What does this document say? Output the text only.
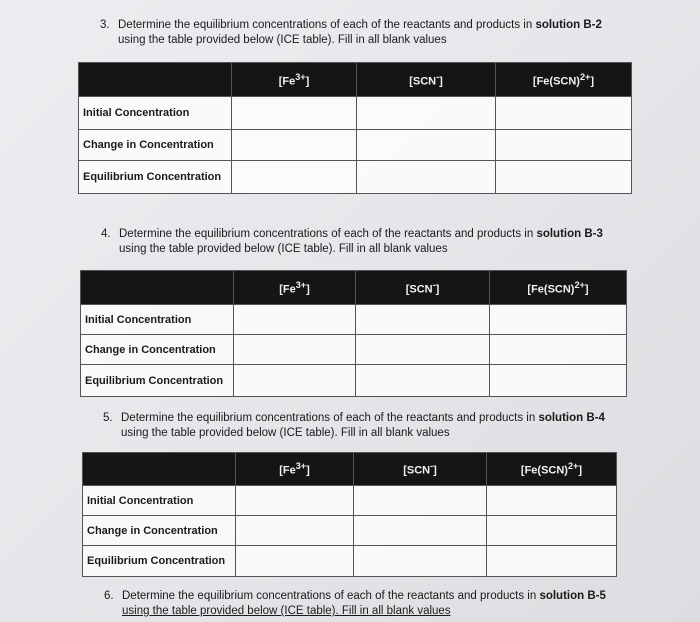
3. Determine the equilibrium concentrations of each of the reactants and products in solution B-2
using the table provided below (ICE table). Fill in all blank values
	$[Fe^{3+}]$	[SCN-]	[Fe(SCN)$^{2+}$]
Initial Concentration			
Change in Concentration			
Equilibrium Concentration			
4. Determine the equilibrium concentrations of each of the reactants and products in solution B-3
using the table provided below (ICE table). Fill in all blank values
	$[Fe^{3+}]$	[SCN-]	[Fe(SCN)$^{2+}$]
Initial Concentration			
Change in Concentration			
Equilibrium Concentration			
5. Determine the equilibrium concentrations of each of the reactants and products in solution B-4
using the table provided below (ICE table). Fill in all blank values
	$[Fe^{3+}]$	[SCN-]	[Fe(SCN)$^{2+}$]
Initial Concentration			
Change in Concentration			
Equilibrium Concentration			
6. Determine the equilibrium concentrations of each of the reactants and products in solution B-5
using the table provided below (ICE table). Fill in all blank values
